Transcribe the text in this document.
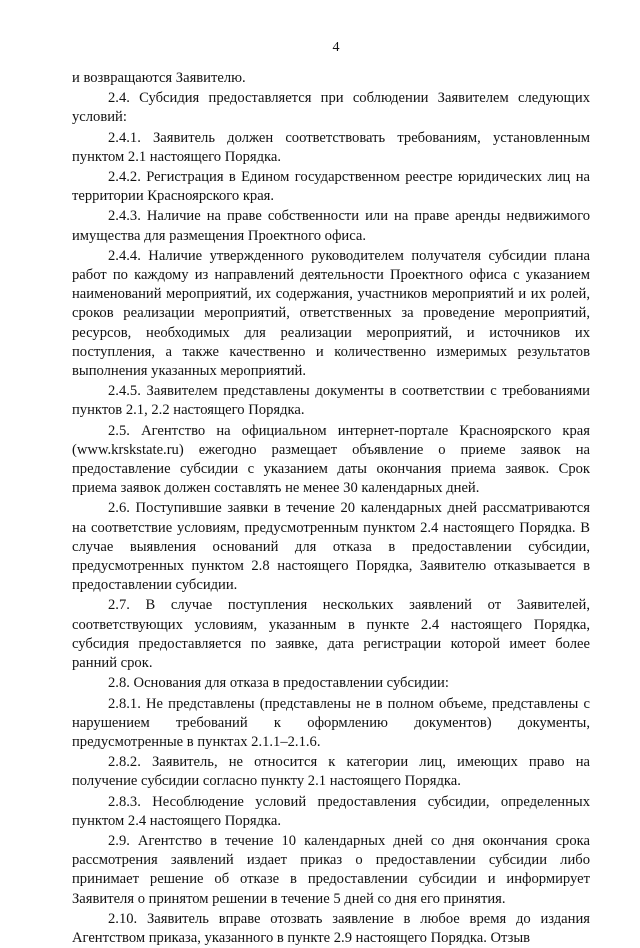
4

и возвращаются Заявителю.

2.4. Субсидия предоставляется при соблюдении Заявителем следующих условий:

2.4.1. Заявитель должен соответствовать требованиям, установленным пунктом 2.1 настоящего Порядка.

2.4.2. Регистрация в Едином государственном реестре юридических лиц на территории Красноярского края.

2.4.3. Наличие на праве собственности или на праве аренды недвижимого имущества для размещения Проектного офиса.

2.4.4. Наличие утвержденного руководителем получателя субсидии плана работ по каждому из направлений деятельности Проектного офиса с указанием наименований мероприятий, их содержания, участников мероприятий и их ролей, сроков реализации мероприятий, ответственных за проведение мероприятий, ресурсов, необходимых для реализации мероприятий, и источников их поступления, а также качественно и количественно измеримых результатов выполнения указанных мероприятий.

2.4.5. Заявителем представлены документы в соответствии с требованиями пунктов 2.1, 2.2 настоящего Порядка.

2.5. Агентство на официальном интернет-портале Красноярского края (www.krskstate.ru) ежегодно размещает объявление о приеме заявок на предоставление субсидии с указанием даты окончания приема заявок. Срок приема заявок должен составлять не менее 30 календарных дней.

2.6. Поступившие заявки в течение 20 календарных дней рассматриваются на соответствие условиям, предусмотренным пунктом 2.4 настоящего Порядка. В случае выявления оснований для отказа в предоставлении субсидии, предусмотренных пунктом 2.8 настоящего Порядка, Заявителю отказывается в предоставлении субсидии.

2.7. В случае поступления нескольких заявлений от Заявителей, соответствующих условиям, указанным в пункте 2.4 настоящего Порядка, субсидия предоставляется по заявке, дата регистрации которой имеет более ранний срок.

2.8. Основания для отказа в предоставлении субсидии:

2.8.1. Не представлены (представлены не в полном объеме, представлены с нарушением требований к оформлению документов) документы, предусмотренные в пунктах 2.1.1–2.1.6.

2.8.2. Заявитель, не относится к категории лиц, имеющих право на получение субсидии согласно пункту 2.1 настоящего Порядка.

2.8.3. Несоблюдение условий предоставления субсидии, определенных пунктом 2.4 настоящего Порядка.

2.9. Агентство в течение 10 календарных дней со дня окончания срока рассмотрения заявлений издает приказ о предоставлении субсидии либо принимает решение об отказе в предоставлении субсидии и информирует Заявителя о принятом решении в течение 5 дней со дня его принятия.

2.10. Заявитель вправе отозвать заявление в любое время до издания Агентством приказа, указанного в пункте 2.9 настоящего Порядка. Отзыв
